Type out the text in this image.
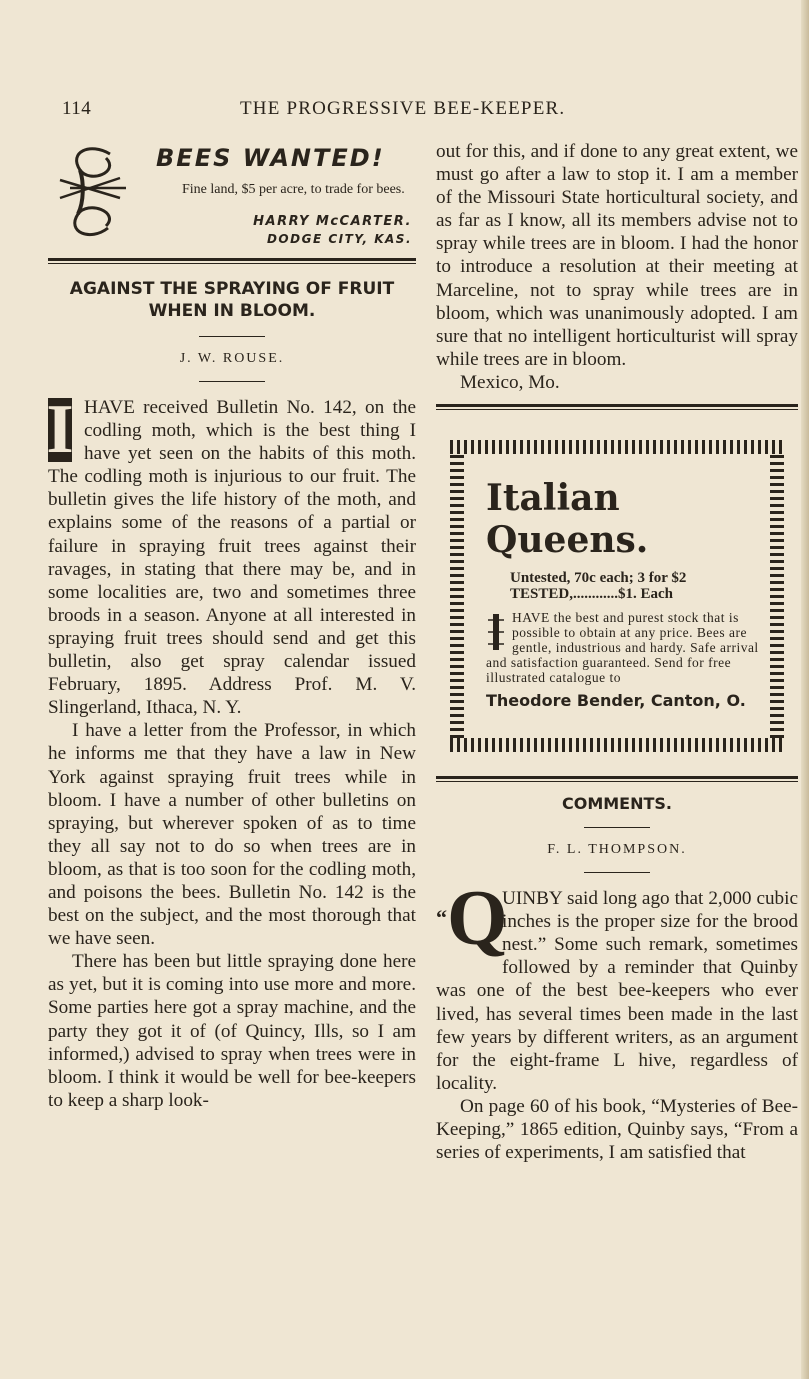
114	THE PROGRESSIVE BEE-KEEPER.
BEES WANTED!
Fine land, $5 per acre, to trade for bees.
HARRY McCARTER.
DODGE CITY, KAS.
AGAINST THE SPRAYING OF FRUIT WHEN IN BLOOM.
J. W. ROUSE.
I HAVE received Bulletin No. 142, on the codling moth, which is the best thing I have yet seen on the habits of this moth. The codling moth is injurious to our fruit. The bulletin gives the life history of the moth, and explains some of the reasons of a partial or failure in spraying fruit trees against their ravages, in stating that there may be, and in some localities are, two and sometimes three broods in a season. Anyone at all interested in spraying fruit trees should send and get this bulletin, also get spray calendar issued February, 1895. Address Prof. M. V. Slingerland, Ithaca, N. Y.

I have a letter from the Professor, in which he informs me that they have a law in New York against spraying fruit trees while in bloom. I have a number of other bulletins on spraying, but wherever spoken of as to time they all say not to do so when trees are in bloom, as that is too soon for the codling moth, and poisons the bees. Bulletin No. 142 is the best on the subject, and the most thorough that we have seen.

There has been but little spraying done here as yet, but it is coming into use more and more. Some parties here got a spray machine, and the party they got it of (of Quincy, Ills, so I am informed,) advised to spray when trees were in bloom. I think it would be well for bee-keepers to keep a sharp look-

out for this, and if done to any great extent, we must go after a law to stop it. I am a member of the Missouri State horticultural society, and as far as I know, all its members advise not to spray while trees are in bloom. I had the honor to introduce a resolution at their meeting at Marceline, not to spray while trees are in bloom, which was unanimously adopted. I am sure that no intelligent horticulturist will spray while trees are in bloom.

Mexico, Mo.

Italian
Queens.
Untested, 70c each; 3 for $2
TESTED,............$1. Each
HAVE the best and purest stock that is possible to obtain at any price. Bees are gentle, industrious and hardy. Safe arrival and satisfaction guaranteed. Send for free illustrated catalogue to
Theodore Bender, Canton, O.
COMMENTS.
F. L. THOMPSON.
“Q
UINBY said long ago that 2,000 cubic inches is the proper size for the brood nest.” Some such remark, sometimes followed by a reminder that Quinby was one of the best bee-keepers who ever lived, has several times been made in the last few years by different writers, as an argument for the eight-frame L hive, regardless of locality.

On page 60 of his book, “Mysteries of Bee-Keeping,” 1865 edition, Quinby says, “From a series of experiments, I am satisfied that
